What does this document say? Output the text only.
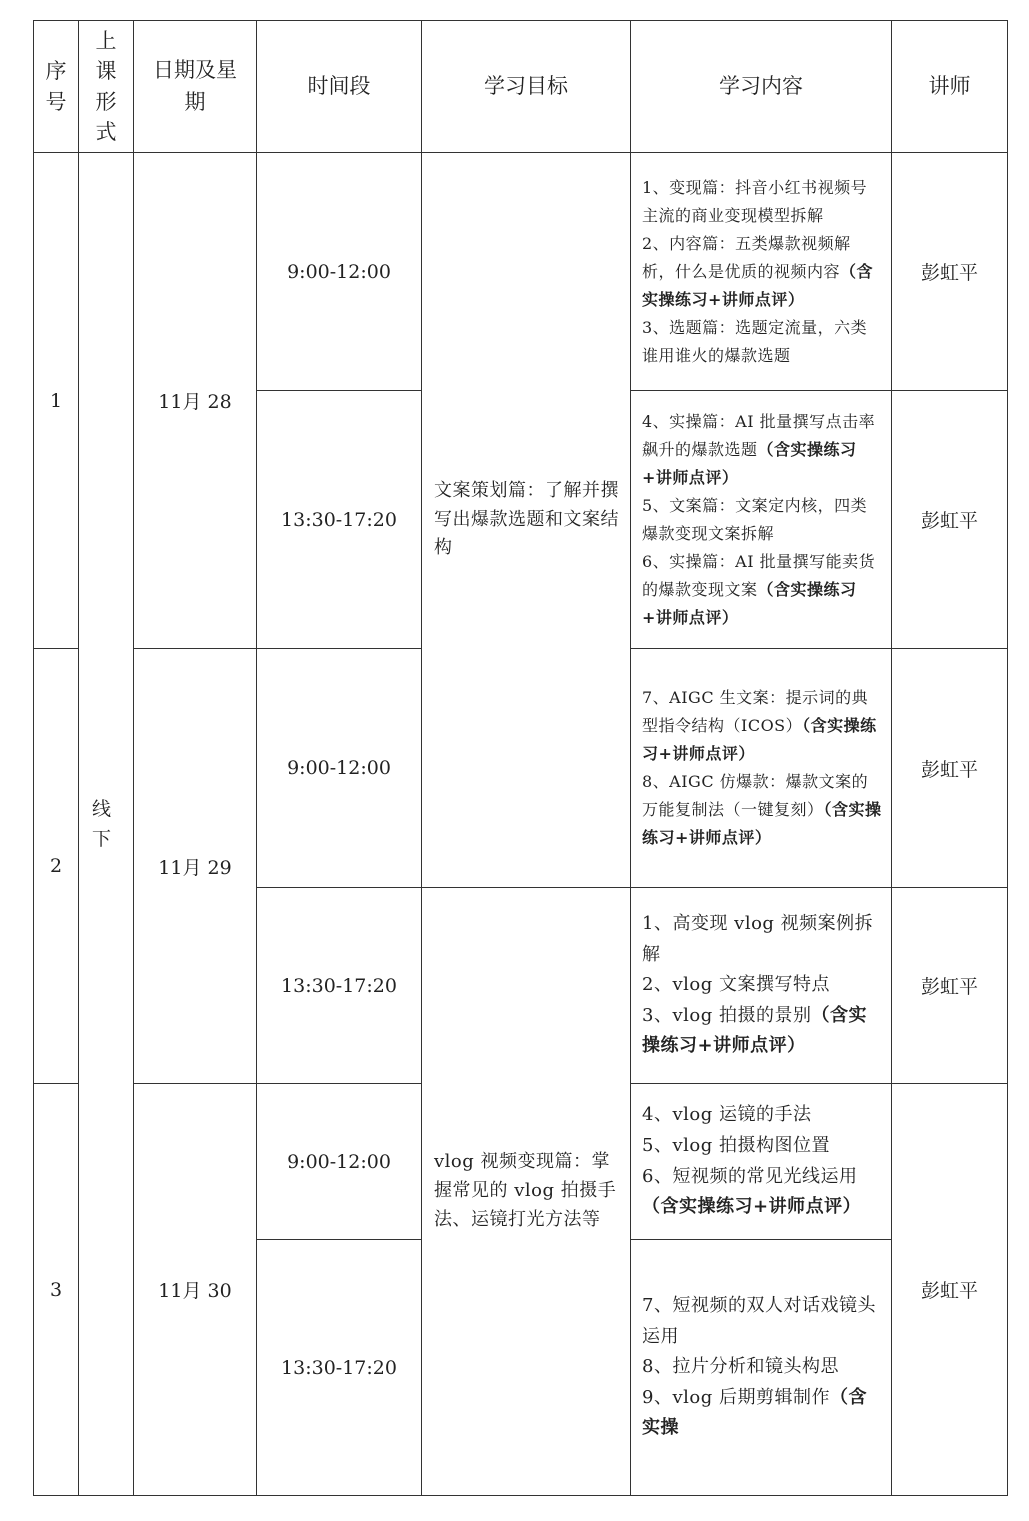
序号	上课形式	日期及星期	时间段	学习目标	学习内容	讲师
1	线下	11月 28	9:00-12:00	文案策划篇：了解并撰写出爆款选题和文案结构	1、变现篇：抖音小红书视频号主流的商业变现模型拆解
2、内容篇：五类爆款视频解析，什么是优质的视频内容（含实操练习+讲师点评）
3、选题篇：选题定流量，六类谁用谁火的爆款选题	彭虹平
			13:30-17:20		4、实操篇：AI 批量撰写点击率飙升的爆款选题（含实操练习+讲师点评）
5、文案篇：文案定内核，四类爆款变现文案拆解
6、实操篇：AI 批量撰写能卖货的爆款变现文案（含实操练习+讲师点评）	彭虹平
2		11月 29	9:00-12:00		7、AIGC 生文案：提示词的典型指令结构（ICOS）（含实操练习+讲师点评）
8、AIGC 仿爆款：爆款文案的万能复制法（一键复刻）（含实操练习+讲师点评）	彭虹平
			13:30-17:20	vlog 视频变现篇：掌握常见的 vlog 拍摄手法、运镜打光方法等	1、高变现 vlog 视频案例拆解
2、vlog 文案撰写特点
3、vlog 拍摄的景别（含实操练习+讲师点评）	彭虹平
3		11月 30	9:00-12:00		4、vlog 运镜的手法
5、vlog 拍摄构图位置
6、短视频的常见光线运用（含实操练习+讲师点评）	彭虹平
			13:30-17:20		7、短视频的双人对话戏镜头运用
8、拉片分析和镜头构思
9、vlog 后期剪辑制作（含实操	
